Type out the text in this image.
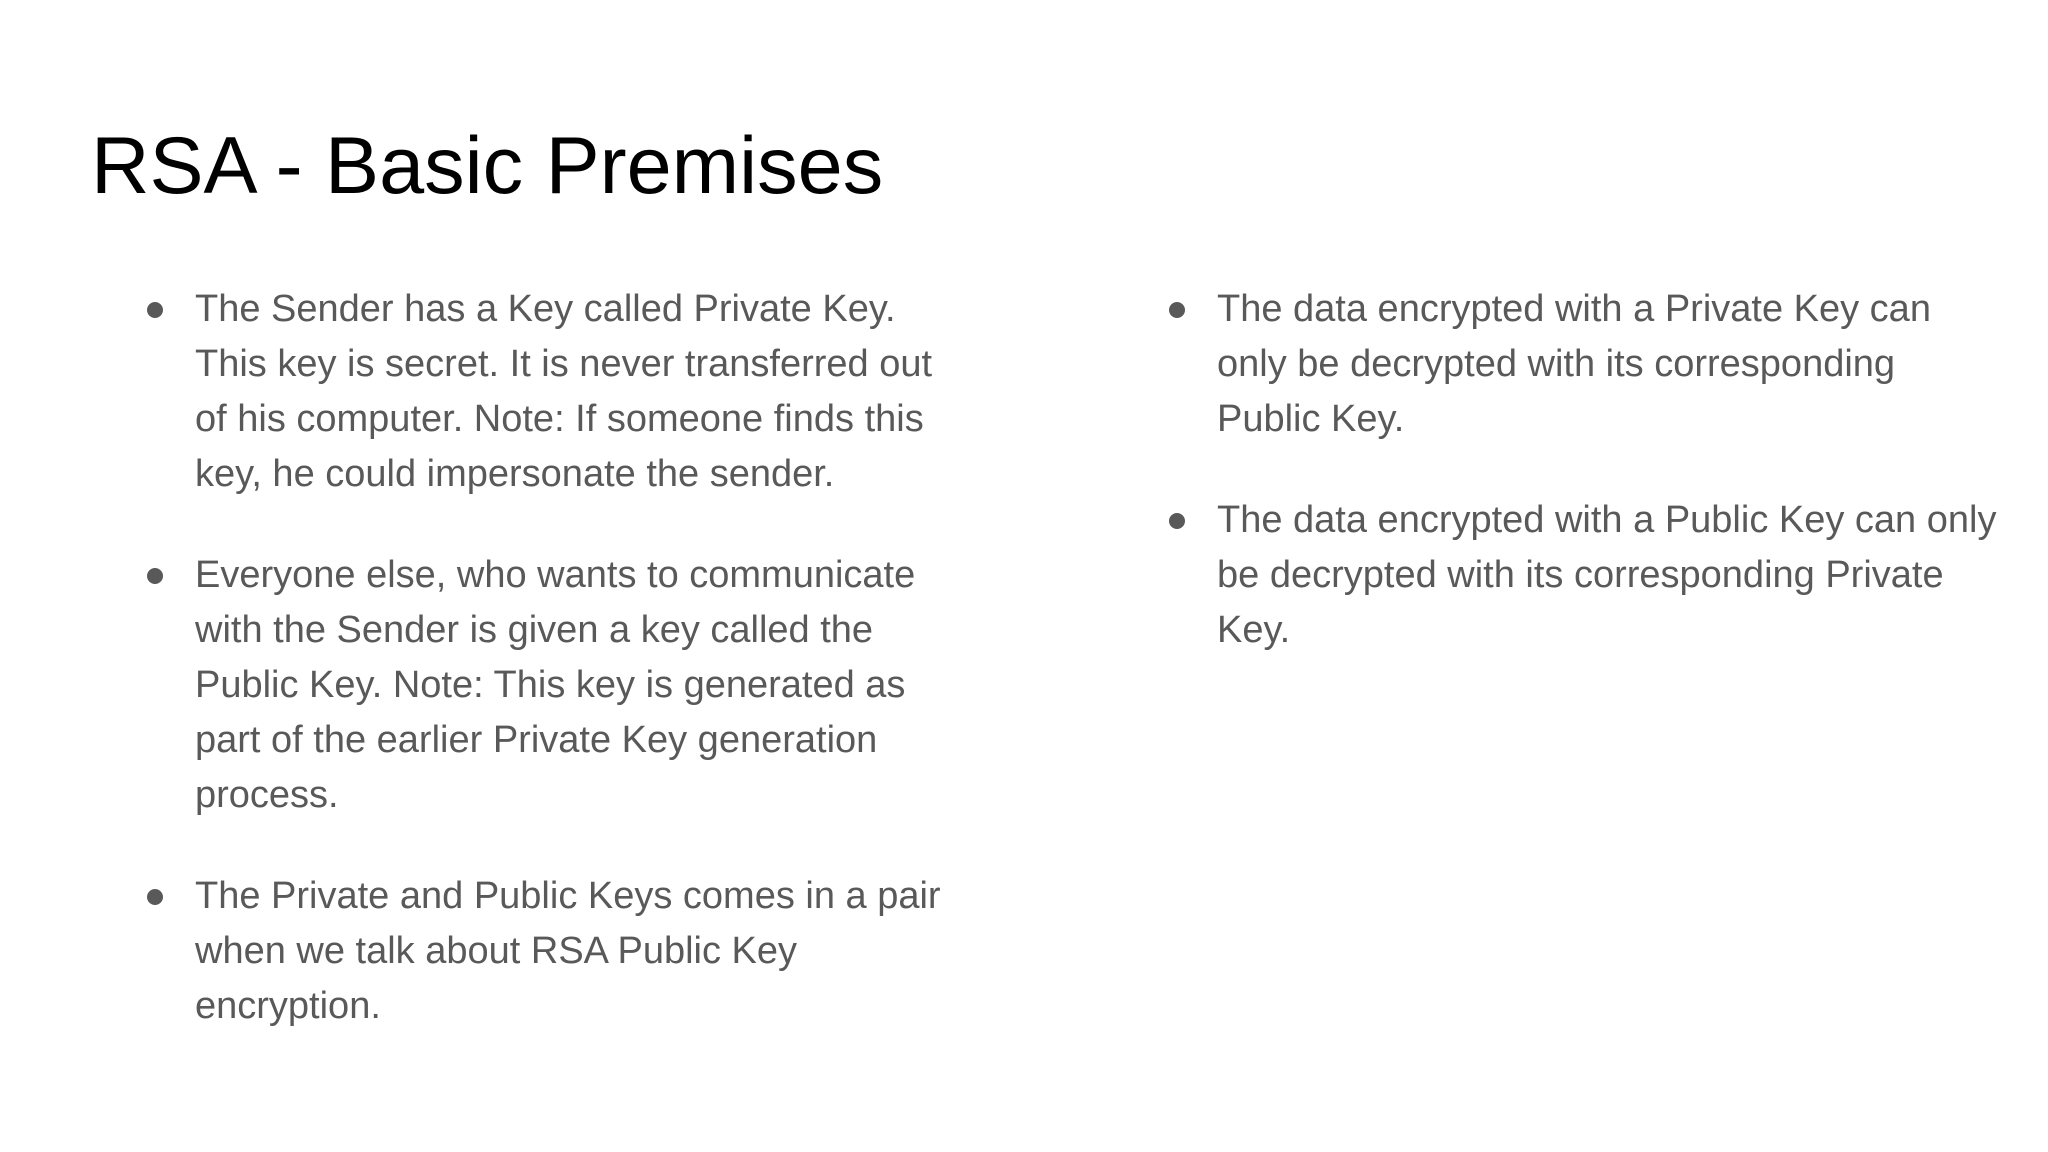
RSA - Basic Premises
The Sender has a Key called Private Key. This key is secret. It is never transferred out of his computer. Note: If someone finds this key, he could impersonate the sender.
Everyone else, who wants to communicate with the Sender is given a key called the Public Key. Note: This key is generated as part of the earlier Private Key generation process.
The Private and Public Keys comes in a pair when we talk about RSA Public Key encryption.
The data encrypted with a Private Key can only be decrypted with its corresponding Public Key.
The data encrypted with a Public Key can only be decrypted with its corresponding Private Key.
